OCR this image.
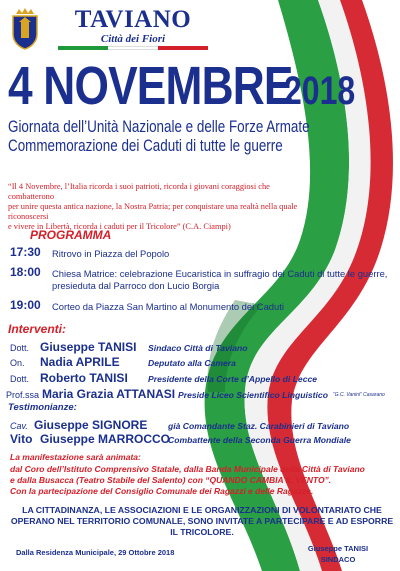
TAVIANO
Città dei Fiori
4 NOVEMBRE
2018
Giornata dell’Unità Nazionale e delle Forze Armate
Commemorazione dei Caduti di tutte le guerre
“Il 4 Novembre, l’Italia ricorda i suoi patrioti, ricorda i giovani coraggiosi che combatterono
per unire questa antica nazione, la Nostra Patria; per conquistare una realtà nella quale riconoscersi
e vivere in Libertà, ricorda i caduti per il Tricolore” (C.A. Ciampi)
PROGRAMMA
17:30 Ritrovo in Piazza del Popolo
18:00 Chiesa Matrice: celebrazione Eucaristica in suffragio dei Caduti di tutte le guerre,
presieduta dal Parroco don Lucio Borgia
19:00 Corteo da Piazza San Martino al Monumento dei Caduti
Interventi:
Dott. Giuseppe TANISI Sindaco Città di Taviano
On. Nadia APRILE	Deputato alla Camera
Dott. Roberto TANISI Presidente della Corte d’Appello di Lecce
Prof.ssa Maria Grazia ATTANASI Preside Liceo Scientifico Linguistico “G.C. Vanini” Casarano
Testimonianze:
Cav. Giuseppe SIGNORE già Comandante Staz. Carabinieri di Taviano
Vito Giuseppe MARROCCO
Combattente della Seconda Guerra Mondiale
La manifestazione sarà animata:
dal Coro dell’Istituto Comprensivo Statale, dalla Banda Municipale della Città di Taviano
e dalla Busacca (Teatro Stabile del Salento) con “QUANDO CAMBIA IL VENTO”.
Con la partecipazione del Consiglio Comunale dei Ragazzi e delle Ragazze.
LA CITTADINANZA, LE ASSOCIAZIONI E LE ORGANIZZAZIONI DI VOLONTARIATO CHE OPERANO NEL TERRITORIO COMUNALE, SONO INVITATE A PARTECIPARE E AD ESPORRE IL TRICOLORE.
Dalla Residenza Municipale, 29 Ottobre 2018	Giuseppe TANISI
SINDACO
